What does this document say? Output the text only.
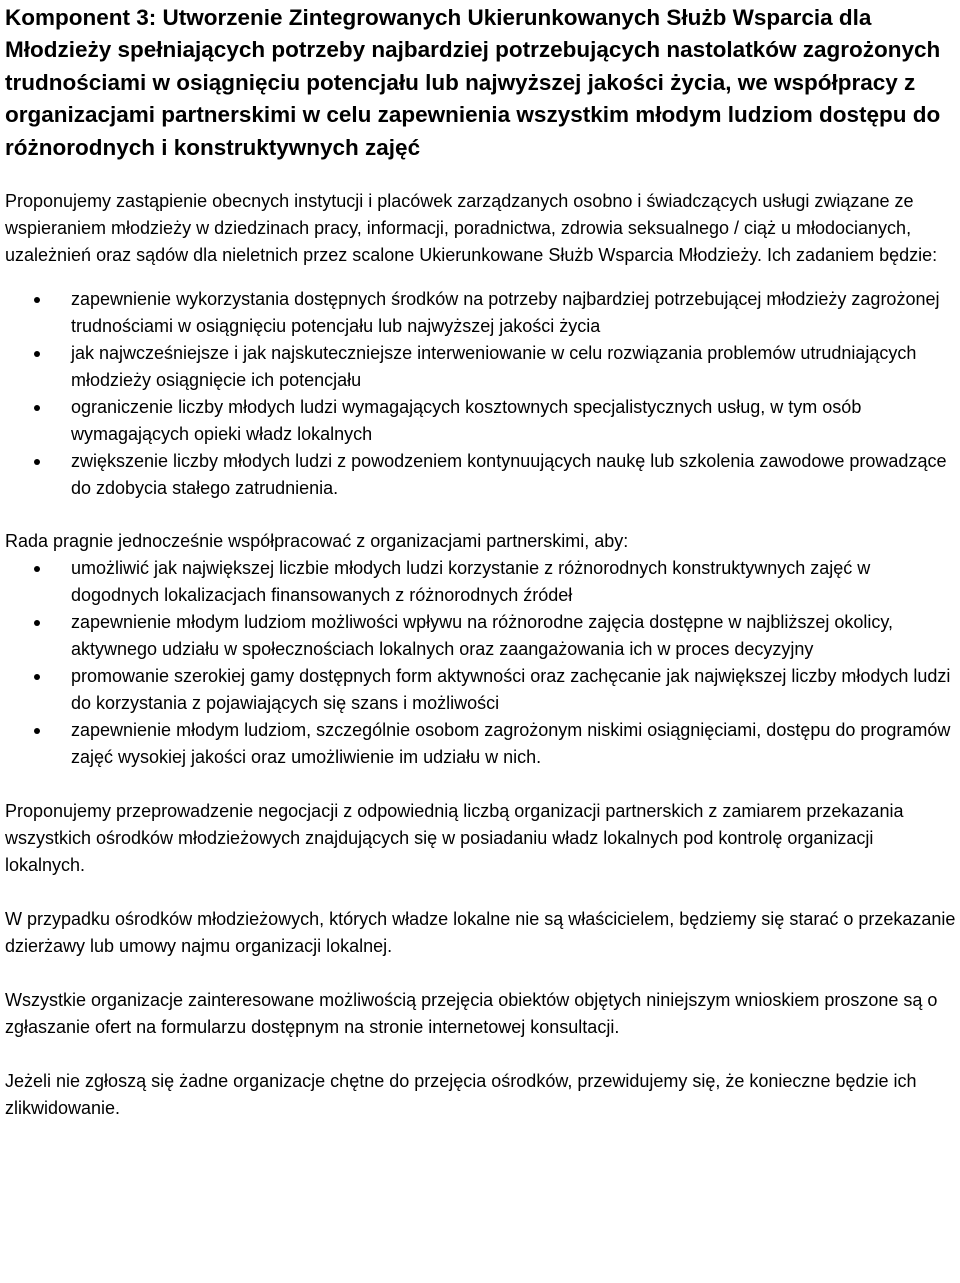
Komponent 3: Utworzenie Zintegrowanych Ukierunkowanych Służb Wsparcia dla Młodzieży spełniających potrzeby najbardziej potrzebujących nastolatków zagrożonych trudnościami w osiągnięciu potencjału lub najwyższej jakości życia, we współpracy z organizacjami partnerskimi w celu zapewnienia wszystkim młodym ludziom dostępu do różnorodnych i konstruktywnych zajęć

Proponujemy zastąpienie obecnych instytucji i placówek zarządzanych osobno i świadczących usługi związane ze wspieraniem młodzieży w dziedzinach pracy, informacji, poradnictwa, zdrowia seksualnego / ciąż u młodocianych, uzależnień oraz sądów dla nieletnich przez scalone Ukierunkowane Służb Wsparcia Młodzieży. Ich zadaniem będzie:

zapewnienie wykorzystania dostępnych środków na potrzeby najbardziej potrzebującej młodzieży zagrożonej trudnościami w osiągnięciu potencjału lub najwyższej jakości życia
jak najwcześniejsze i jak najskuteczniejsze interweniowanie w celu rozwiązania problemów utrudniających młodzieży osiągnięcie ich potencjału
ograniczenie liczby młodych ludzi wymagających kosztownych specjalistycznych usług, w tym osób wymagających opieki władz lokalnych
zwiększenie liczby młodych ludzi z powodzeniem kontynuujących naukę lub szkolenia zawodowe prowadzące do zdobycia stałego zatrudnienia.

Rada pragnie jednocześnie współpracować z organizacjami partnerskimi, aby:

umożliwić jak największej liczbie młodych ludzi korzystanie z różnorodnych konstruktywnych zajęć w dogodnych lokalizacjach finansowanych z różnorodnych źródeł
zapewnienie młodym ludziom możliwości wpływu na różnorodne zajęcia dostępne w najbliższej okolicy, aktywnego udziału w społecznościach lokalnych oraz zaangażowania ich w proces decyzyjny
promowanie szerokiej gamy dostępnych form aktywności oraz zachęcanie jak największej liczby młodych ludzi do korzystania z pojawiających się szans i możliwości
zapewnienie młodym ludziom, szczególnie osobom zagrożonym niskimi osiągnięciami, dostępu do programów zajęć wysokiej jakości oraz umożliwienie im udziału w nich.

Proponujemy przeprowadzenie negocjacji z odpowiednią liczbą organizacji partnerskich z zamiarem przekazania wszystkich ośrodków młodzieżowych znajdujących się w posiadaniu władz lokalnych pod kontrolę organizacji lokalnych.

W przypadku ośrodków młodzieżowych, których władze lokalne nie są właścicielem, będziemy się starać o przekazanie dzierżawy lub umowy najmu organizacji lokalnej.

Wszystkie organizacje zainteresowane możliwością przejęcia obiektów objętych niniejszym wnioskiem proszone są o zgłaszanie ofert na formularzu dostępnym na stronie internetowej konsultacji.

Jeżeli nie zgłoszą się żadne organizacje chętne do przejęcia ośrodków, przewidujemy się, że konieczne będzie ich zlikwidowanie.
